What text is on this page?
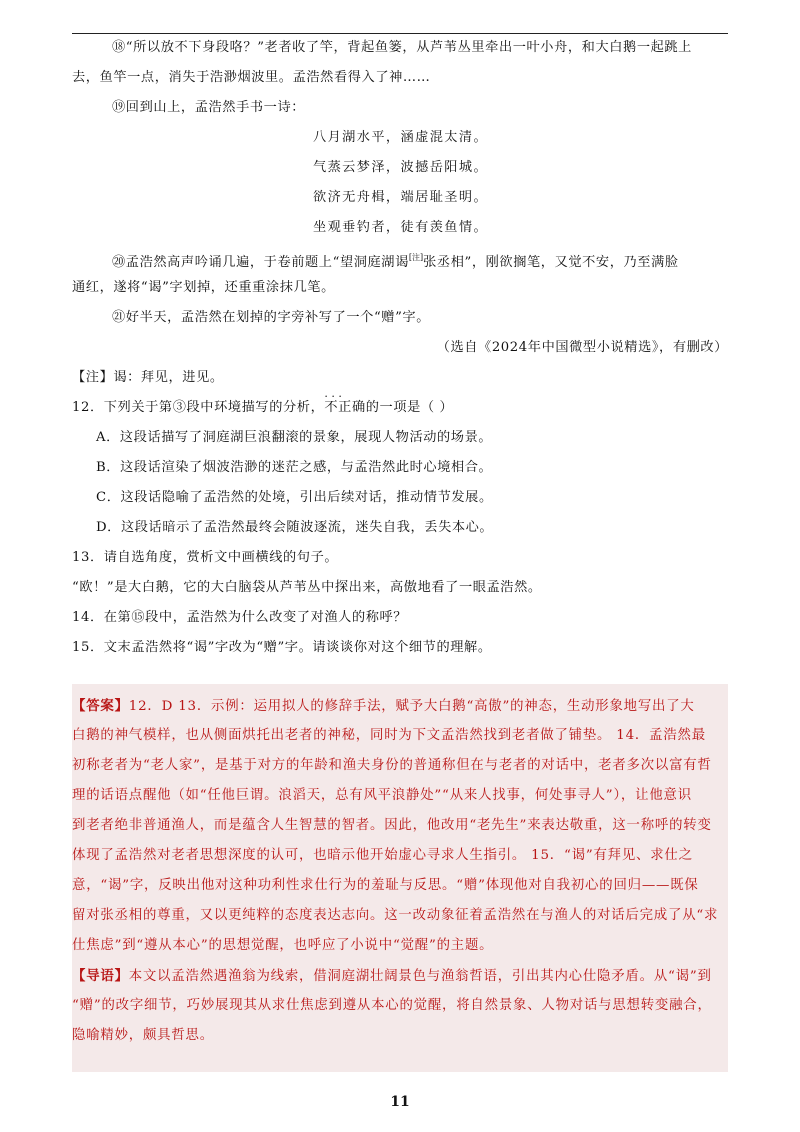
⑱“所以放不下身段咯？”老者收了竿，背起鱼篓，从芦苇丛里牵出一叶小舟，和大白鹅一起跳上
去，鱼竿一点，消失于浩渺烟波里。孟浩然看得入了神……
⑲回到山上，孟浩然手书一诗：
八月湖水平，涵虚混太清。
气蒸云梦泽，波撼岳阳城。
欲济无舟楫，端居耻圣明。
坐观垂钓者，徒有羡鱼情。
⑳孟浩然高声吟诵几遍，于卷前题上“望洞庭湖谒[注]张丞相”，刚欲搁笔，又觉不安，乃至满脸
通红，遂将“谒”字划掉，还重重涂抹几笔。
㉑好半天，孟浩然在划掉的字旁补写了一个“赠”字。
（选自《2024年中国微型小说精选》，有删改）
【注】谒：拜见，进见。
12．下列关于第③段中环境描写的分析，· · · 不正确的一项是（ ）
A．这段话描写了洞庭湖巨浪翻滚的景象，展现人物活动的场景。
B．这段话渲染了烟波浩渺的迷茫之感，与孟浩然此时心境相合。
C．这段话隐喻了孟浩然的处境，引出后续对话，推动情节发展。
D．这段话暗示了孟浩然最终会随波逐流，迷失自我，丢失本心。
13．请自选角度，赏析文中画横线的句子。
“欧！”是大白鹅，它的大白脑袋从芦苇丛中探出来，高傲地看了一眼孟浩然。
14．在第⑮段中，孟浩然为什么改变了对渔人的称呼？
15．文末孟浩然将“谒”字改为“赠”字。请谈谈你对这个细节的理解。
【答案】12．D 13．示例：运用拟人的修辞手法，赋予大白鹅“高傲”的神态，生动形象地写出了大
白鹅的神气模样，也从侧面烘托出老者的神秘，同时为下文孟浩然找到老者做了铺垫。 14．孟浩然最
初称老者为“老人家”，是基于对方的年龄和渔夫身份的普通称但在与老者的对话中，老者多次以富有哲
理的话语点醒他（如“任他巨谓。浪滔天，总有风平浪静处”“从来人找事，何处事寻人”），让他意识
到老者绝非普通渔人，而是蕴含人生智慧的智者。因此，他改用“老先生”来表达敬重，这一称呼的转变
体现了孟浩然对老者思想深度的认可，也暗示他开始虚心寻求人生指引。 15．“谒”有拜见、求仕之
意，“谒”字，反映出他对这种功利性求仕行为的羞耻与反思。“赠”体现他对自我初心的回归——既保
留对张丞相的尊重，又以更纯粹的态度表达志向。这一改动象征着孟浩然在与渔人的对话后完成了从“求
仕焦虑”到“遵从本心”的思想觉醒，也呼应了小说中“觉醒”的主题。
【导语】本文以孟浩然遇渔翁为线索，借洞庭湖壮阔景色与渔翁哲语，引出其内心仕隐矛盾。从“谒”到
“赠”的改字细节，巧妙展现其从求仕焦虑到遵从本心的觉醒，将自然景象、人物对话与思想转变融合，
隐喻精妙，颇具哲思。
11
